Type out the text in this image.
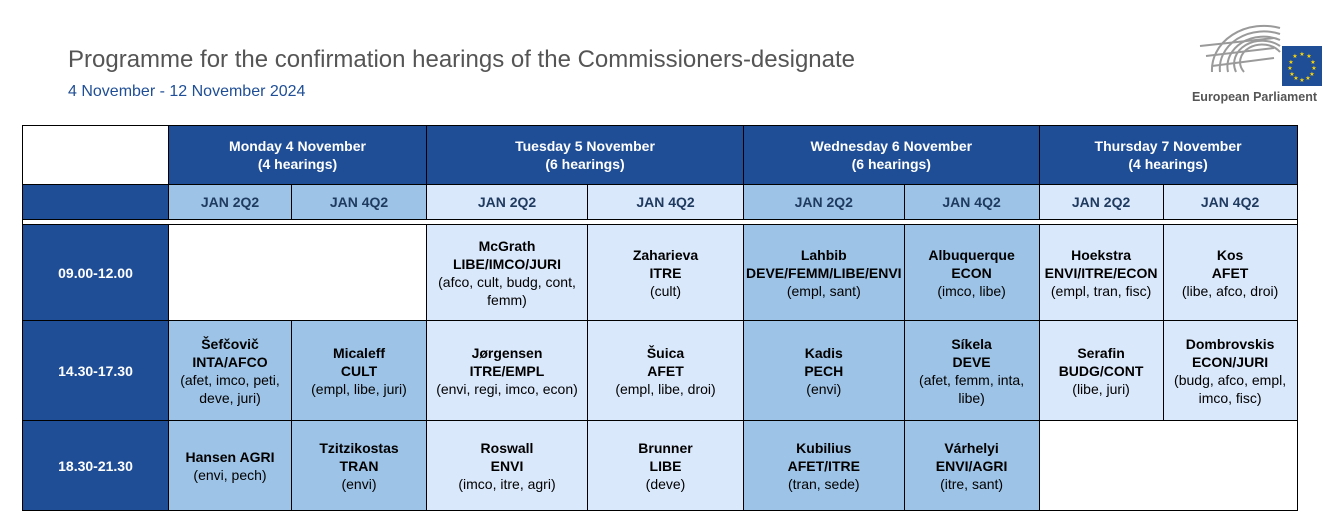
Programme for the confirmation hearings of the Commissioners-designate
4 November - 12 November 2024
★ ★
★
★
★
★
★
★
★
★
★
★
European Parliament

	Monday 4 November
(4 hearings)		Tuesday 5 November
(6 hearings)		Wednesday 6 November
(6 hearings)		Thursday 7 November
(4 hearings)	

	JAN 2Q2	JAN 4Q2	JAN 2Q2	JAN 4Q2	JAN 2Q2	JAN 4Q2	JAN 2Q2	JAN 4Q2

09.00-12.00			McGrath
LIBE/IMCO/JURI
(afco, cult, budg, cont, femm)	Zaharieva
ITRE
(cult)	Lahbib
DEVE/FEMM/LIBE/ENVI
(empl, sant)	Albuquerque
ECON
(imco, libe)	Hoekstra
ENVI/ITRE/ECON
(empl, tran, fisc)	Kos
AFET
(libe, afco, droi)

14.30-17.30	Šefčovič
INTA/AFCO
(afet, imco, peti, deve, juri)	Micaleff
CULT
(empl, libe, juri)	Jørgensen
ITRE/EMPL
(envi, regi, imco, econ)	Šuica
AFET
(empl, libe, droi)	Kadis
PECH
(envi)	Síkela
DEVE
(afet, femm, inta, libe)	Serafin
BUDG/CONT
(libe, juri)	Dombrovskis
ECON/JURI
(budg, afco, empl, imco, fisc)

18.30-21.30	Hansen AGRI
(envi, pech)	Tzitzikostas
TRAN
(envi)	Roswall
ENVI
(imco, itre, agri)	Brunner
LIBE
(deve)	Kubilius
AFET/ITRE
(tran, sede)	Várhelyi
ENVI/AGRI
(itre, sant)		
